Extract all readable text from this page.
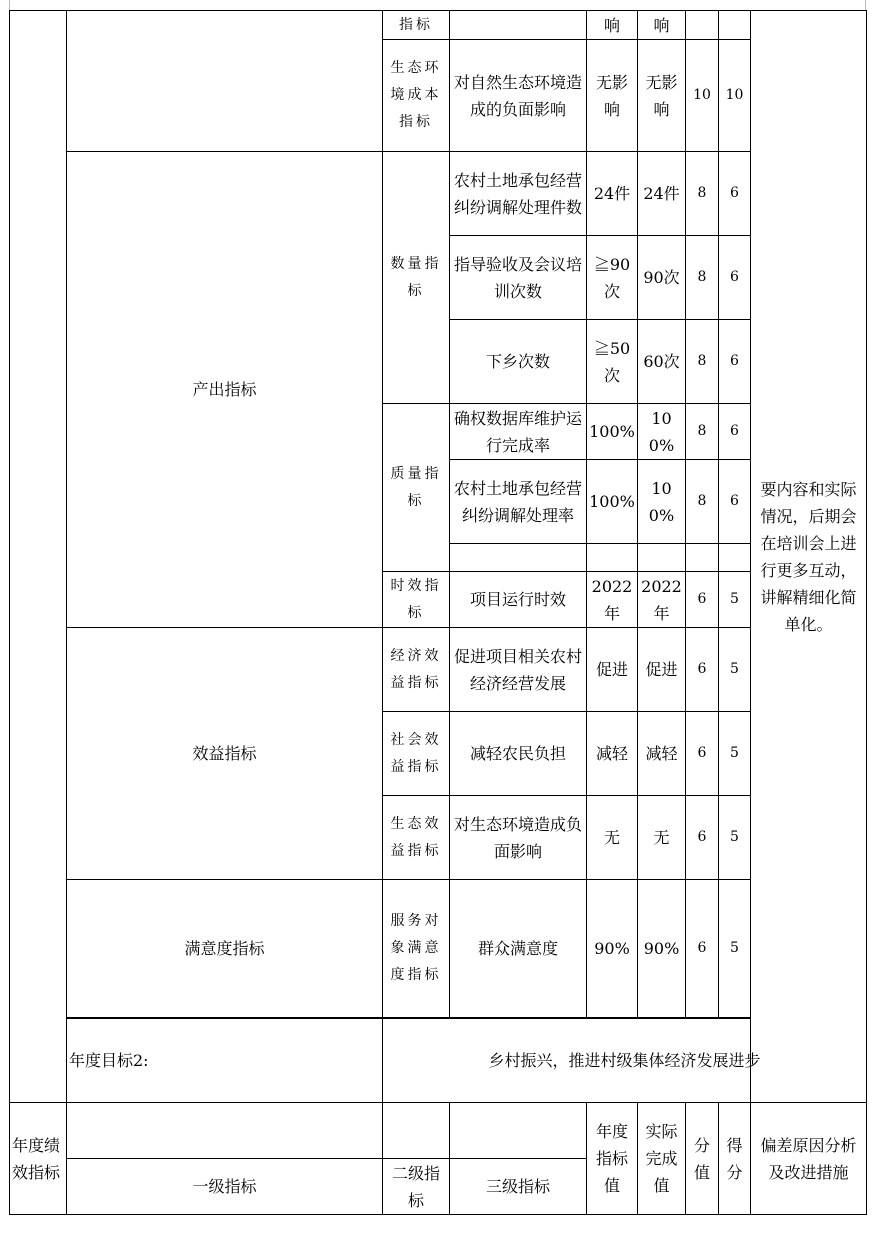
		指标		响	响			要内容和实际情况，后期会在培训会上进行更多互动，讲解精细化简单化。
		生态环境成本指标	对自然生态环境造成的负面影响	无影响	无影响	10	10	
	产出指标	数量指标	农村土地承包经营纠纷调解处理件数	24件	24件	8	6	
			指导验收及会议培训次数	≧90次	90次	8	6	
			下乡次数	≧50次	60次	8	6	
		质量指标	确权数据库维护运行完成率	100%	100%	8	6	
			农村土地承包经营纠纷调解处理率	100%	100%	8	6	

		时效指标	项目运行时效	2022年	2022年	6	5	
	效益指标	经济效益指标	促进项目相关农村经济经营发展	促进	促进	6	5	
		社会效益指标	减轻农民负担	减轻	减轻	6	5	
		生态效益指标	对生态环境造成负面影响	无	无	6	5	
	满意度指标	服务对象满意度指标	群众满意度	90%	90%	6	5	

	年度目标2:	乡村振兴，推进村级集体经济发展进步						
年度绩效指标				年度指标值	实际完成值	分值	得分	偏差原因分析及改进措施
	一级指标	二级指标	三级指标					
